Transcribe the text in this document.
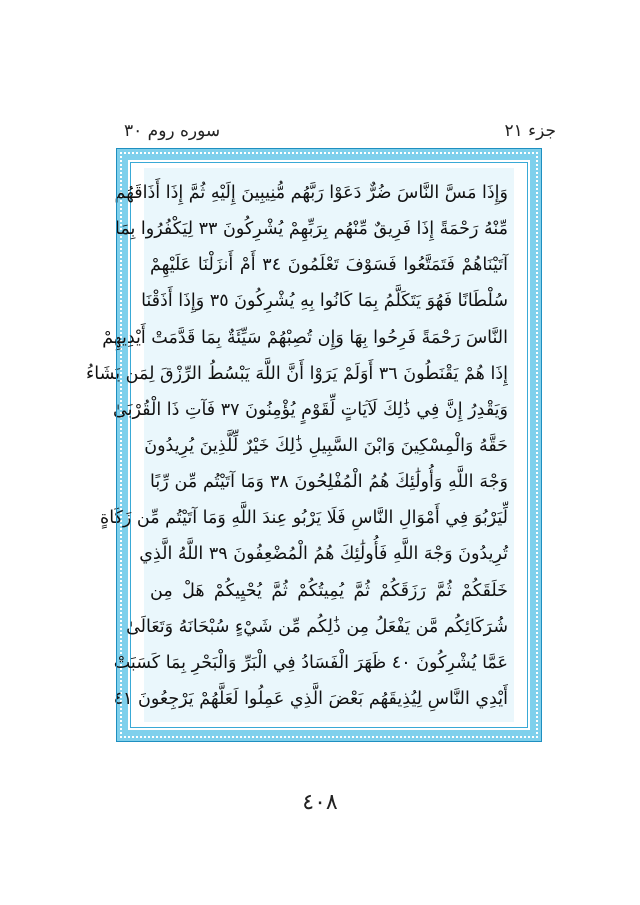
جزء ٢١
سوره روم ٣٠
وَإِذَا مَسَّ النَّاسَ ضُرٌّ دَعَوْا رَبَّهُم مُّنِيبِينَ إِلَيْهِ ثُمَّ إِذَا أَذَاقَهُم
مِّنْهُ رَحْمَةً إِذَا فَرِيقٌ مِّنْهُم بِرَبِّهِمْ يُشْرِكُونَ ٣٣ لِيَكْفُرُوا بِمَا
آتَيْنَاهُمْ فَتَمَتَّعُوا فَسَوْفَ تَعْلَمُونَ ٣٤ أَمْ أَنزَلْنَا عَلَيْهِمْ
سُلْطَانًا فَهُوَ يَتَكَلَّمُ بِمَا كَانُوا بِهِ يُشْرِكُونَ ٣٥ وَإِذَا أَذَقْنَا
النَّاسَ رَحْمَةً فَرِحُوا بِهَا وَإِن تُصِبْهُمْ سَيِّئَةٌ بِمَا قَدَّمَتْ أَيْدِيهِمْ
إِذَا هُمْ يَقْنَطُونَ ٣٦ أَوَلَمْ يَرَوْا أَنَّ اللَّهَ يَبْسُطُ الرِّزْقَ لِمَن يَشَاءُ
وَيَقْدِرُ إِنَّ فِي ذَٰلِكَ لَآيَاتٍ لِّقَوْمٍ يُؤْمِنُونَ ٣٧ فَآتِ ذَا الْقُرْبَىٰ
حَقَّهُ وَالْمِسْكِينَ وَابْنَ السَّبِيلِ ذَٰلِكَ خَيْرٌ لِّلَّذِينَ يُرِيدُونَ
وَجْهَ اللَّهِ وَأُولَٰئِكَ هُمُ الْمُفْلِحُونَ ٣٨ وَمَا آتَيْتُم مِّن رِّبًا
لِّيَرْبُوَ فِي أَمْوَالِ النَّاسِ فَلَا يَرْبُو عِندَ اللَّهِ وَمَا آتَيْتُم مِّن زَكَاةٍ
تُرِيدُونَ وَجْهَ اللَّهِ فَأُولَٰئِكَ هُمُ الْمُضْعِفُونَ ٣٩ اللَّهُ الَّذِي
خَلَقَكُمْ ثُمَّ رَزَقَكُمْ ثُمَّ يُمِيتُكُمْ ثُمَّ يُحْيِيكُمْ هَلْ مِن
شُرَكَائِكُم مَّن يَفْعَلُ مِن ذَٰلِكُم مِّن شَيْءٍ سُبْحَانَهُ وَتَعَالَىٰ
عَمَّا يُشْرِكُونَ ٤٠ ظَهَرَ الْفَسَادُ فِي الْبَرِّ وَالْبَحْرِ بِمَا كَسَبَتْ
أَيْدِي النَّاسِ لِيُذِيقَهُم بَعْضَ الَّذِي عَمِلُوا لَعَلَّهُمْ يَرْجِعُونَ ٤١
٤٠٨
